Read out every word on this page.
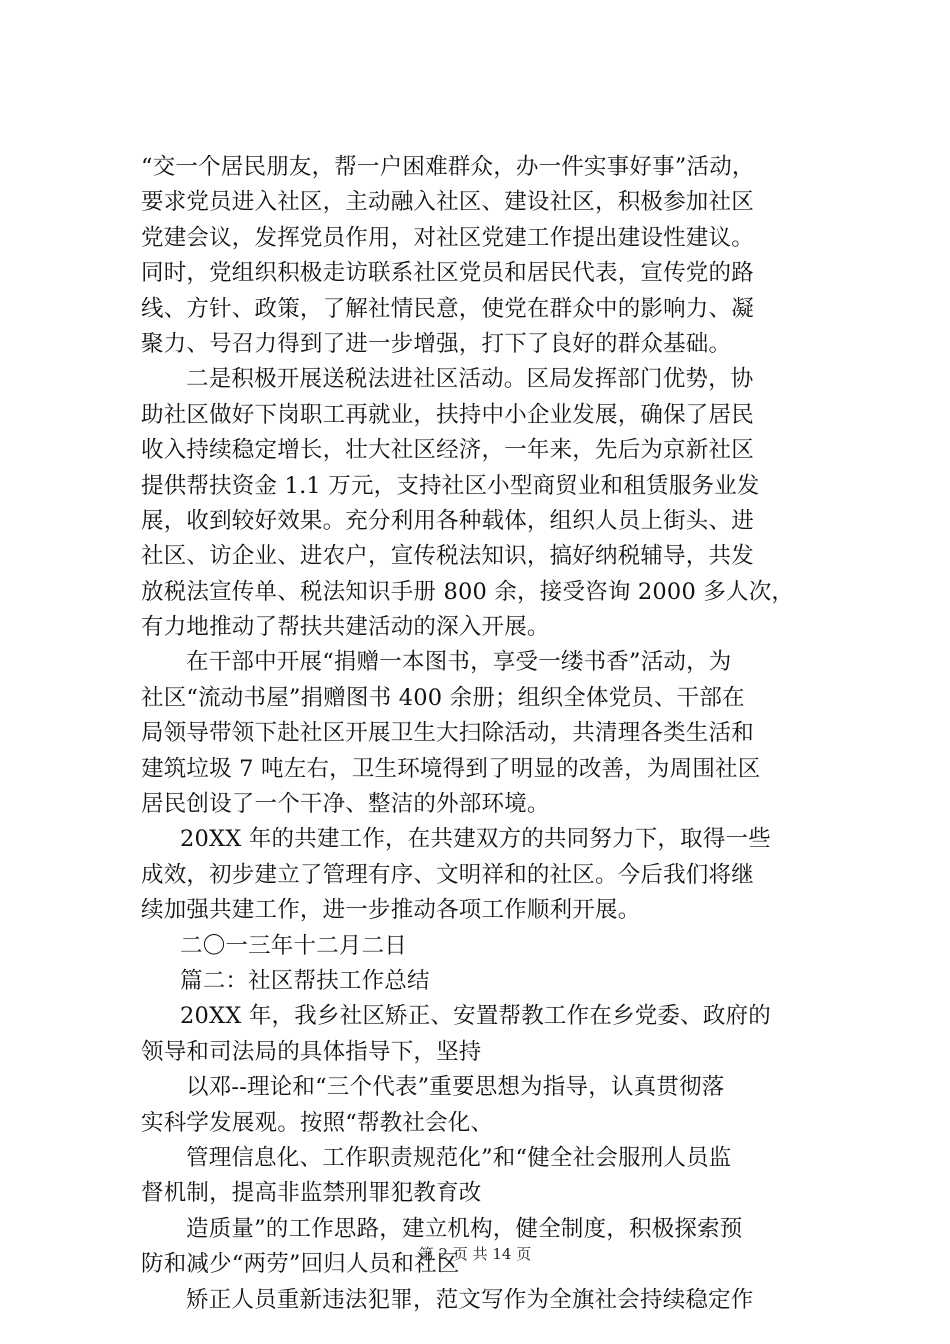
“交一个居民朋友，帮一户困难群众，办一件实事好事”活动，
要求党员进入社区，主动融入社区、建设社区，积极参加社区
党建会议，发挥党员作用，对社区党建工作提出建设性建议。
同时，党组织积极走访联系社区党员和居民代表，宣传党的路
线、方针、政策，了解社情民意，使党在群众中的影响力、凝
聚力、号召力得到了进一步增强，打下了良好的群众基础。
二是积极开展送税法进社区活动。区局发挥部门优势，协
助社区做好下岗职工再就业，扶持中小企业发展，确保了居民
收入持续稳定增长，壮大社区经济，一年来，先后为京新社区
提供帮扶资金 1.1 万元，支持社区小型商贸业和租赁服务业发
展，收到较好效果。充分利用各种载体，组织人员上街头、进
社区、访企业、进农户，宣传税法知识，搞好纳税辅导，共发
放税法宣传单、税法知识手册 800 余，接受咨询 2000 多人次，
有力地推动了帮扶共建活动的深入开展。
在干部中开展“捐赠一本图书，享受一缕书香”活动，为
社区“流动书屋”捐赠图书 400 余册；组织全体党员、干部在
局领导带领下赴社区开展卫生大扫除活动，共清理各类生活和
建筑垃圾 7 吨左右，卫生环境得到了明显的改善，为周围社区
居民创设了一个干净、整洁的外部环境。
20XX 年的共建工作，在共建双方的共同努力下，取得一些
成效，初步建立了管理有序、文明祥和的社区。今后我们将继
续加强共建工作，进一步推动各项工作顺利开展。
二〇一三年十二月二日
篇二：社区帮扶工作总结
20XX 年，我乡社区矫正、安置帮教工作在乡党委、政府的
领导和司法局的具体指导下，坚持
以邓--理论和“三个代表”重要思想为指导，认真贯彻落
实科学发展观。按照“帮教社会化、
管理信息化、工作职责规范化”和“健全社会服刑人员监
督机制，提高非监禁刑罪犯教育改
造质量”的工作思路，建立机构，健全制度，积极探索预
防和减少“两劳”回归人员和社区
矫正人员重新违法犯罪，范文写作为全旗社会持续稳定作
第 2 页 共 14 页
